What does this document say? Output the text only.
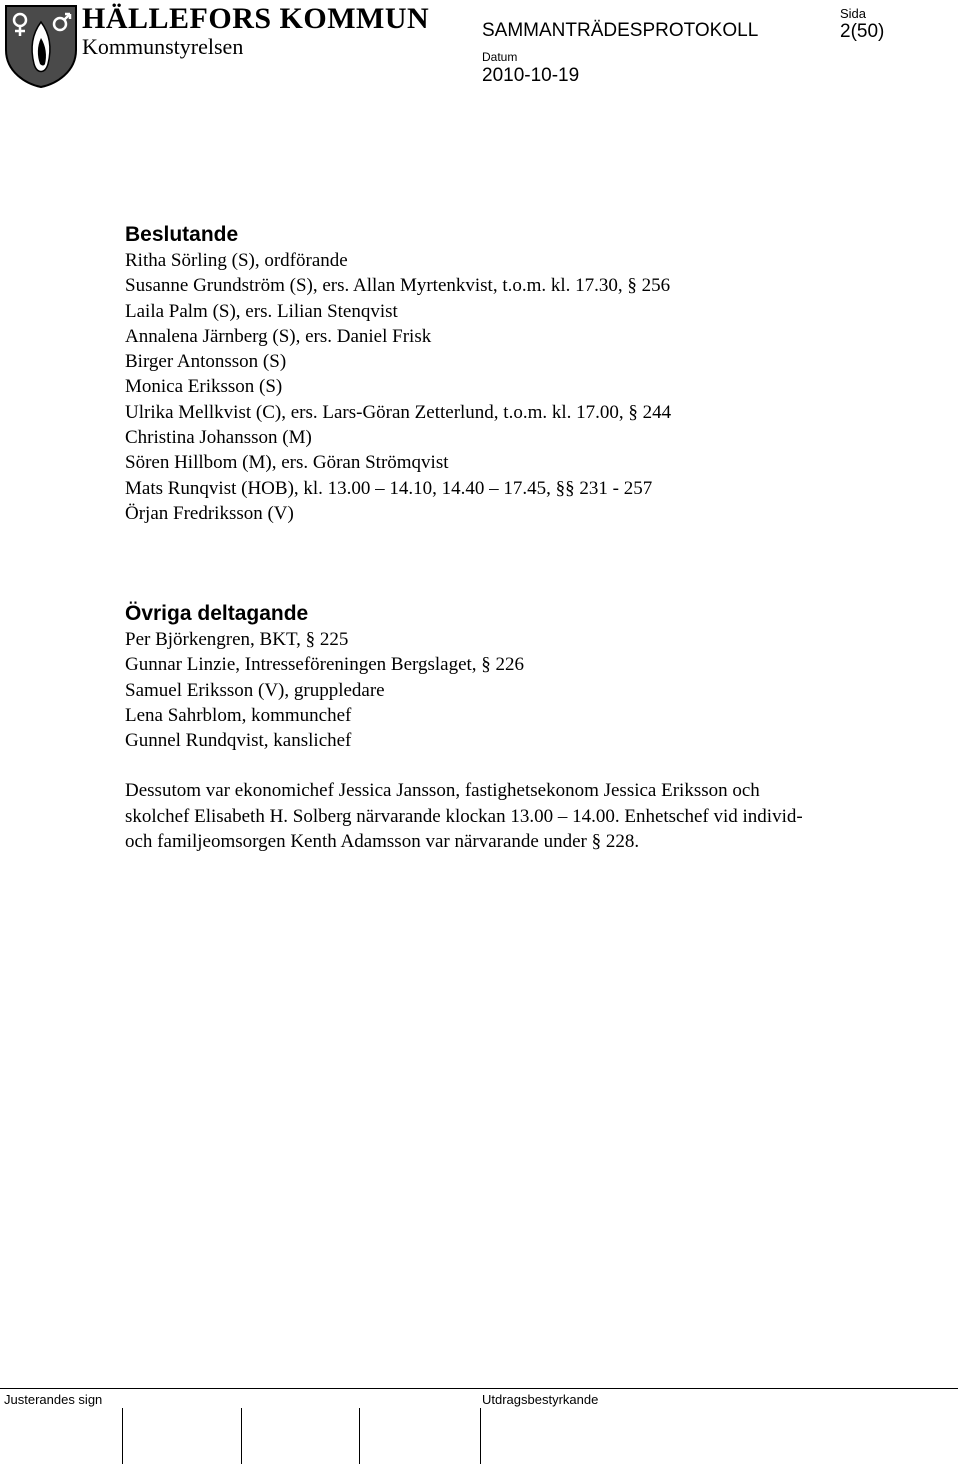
HÄLLEFORS KOMMUN
Kommunstyrelsen
SAMMANTRÄDESPROTOKOLL
Sida
2(50)
Datum
2010-10-19
Beslutande
Ritha Sörling (S), ordförande
Susanne Grundström (S), ers. Allan Myrtenkvist, t.o.m. kl. 17.30, § 256
Laila Palm (S), ers. Lilian Stenqvist
Annalena Järnberg (S), ers. Daniel Frisk
Birger Antonsson (S)
Monica Eriksson (S)
Ulrika Mellkvist (C), ers. Lars-Göran Zetterlund, t.o.m. kl. 17.00, § 244
Christina Johansson (M)
Sören Hillbom (M), ers. Göran Strömqvist
Mats Runqvist (HOB), kl. 13.00 – 14.10, 14.40 – 17.45, §§ 231 - 257
Örjan Fredriksson (V)
Övriga deltagande
Per Björkengren, BKT, § 225
Gunnar Linzie, Intresseföreningen Bergslaget, § 226
Samuel Eriksson (V), gruppledare
Lena Sahrblom, kommunchef
Gunnel Rundqvist, kanslichef

Dessutom var ekonomichef Jessica Jansson, fastighetsekonom Jessica Eriksson och skolchef Elisabeth H. Solberg närvarande klockan 13.00 – 14.00. Enhetschef vid individ- och familjeomsorgen Kenth Adamsson var närvarande under § 228.

Justerandes sign	Utdragsbestyrkande
